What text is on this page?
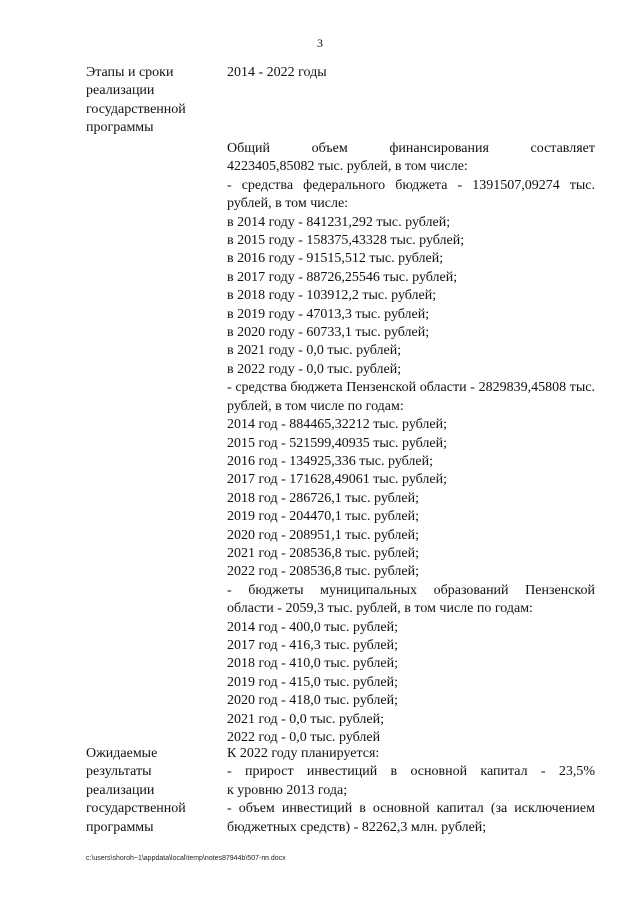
3
Этапы и сроки
реализации
государственной
программы
2014 - 2022 годы
Общий объем финансирования составляет
4223405,85082 тыс. рублей, в том числе:
- средства федерального бюджета - 1391507,09274 тыс.
рублей, в том числе:
в 2014 году - 841231,292 тыс. рублей;
в 2015 году - 158375,43328 тыс. рублей;
в 2016 году - 91515,512 тыс. рублей;
в 2017 году - 88726,25546 тыс. рублей;
в 2018 году - 103912,2 тыс. рублей;
в 2019 году - 47013,3 тыс. рублей;
в 2020 году - 60733,1 тыс. рублей;
в 2021 году - 0,0 тыс. рублей;
в 2022 году - 0,0 тыс. рублей;
- средства бюджета Пензенской области - 2829839,45808 тыс.
рублей, в том числе по годам:
2014 год - 884465,32212 тыс. рублей;
2015 год - 521599,40935 тыс. рублей;
2016 год - 134925,336 тыс. рублей;
2017 год - 171628,49061 тыс. рублей;
2018 год - 286726,1 тыс. рублей;
2019 год - 204470,1 тыс. рублей;
2020 год - 208951,1 тыс. рублей;
2021 год - 208536,8 тыс. рублей;
2022 год - 208536,8 тыс. рублей;
- бюджеты муниципальных образований Пензенской
области - 2059,3 тыс. рублей, в том числе по годам:
2014 год - 400,0 тыс. рублей;
2017 год - 416,3 тыс. рублей;
2018 год - 410,0 тыс. рублей;
2019 год - 415,0 тыс. рублей;
2020 год - 418,0 тыс. рублей;
2021 год - 0,0 тыс. рублей;
2022 год - 0,0 тыс. рублей
Ожидаемые
результаты
реализации
государственной
программы
К 2022 году планируется:
- прирост инвестиций в основной капитал - 23,5%
к уровню 2013 года;
- объем инвестиций в основной капитал (за исключением
бюджетных средств) - 82262,3 млн. рублей;
c:\users\shoroh~1\appdata\local\temp\notes87944b\507-пп.docx
